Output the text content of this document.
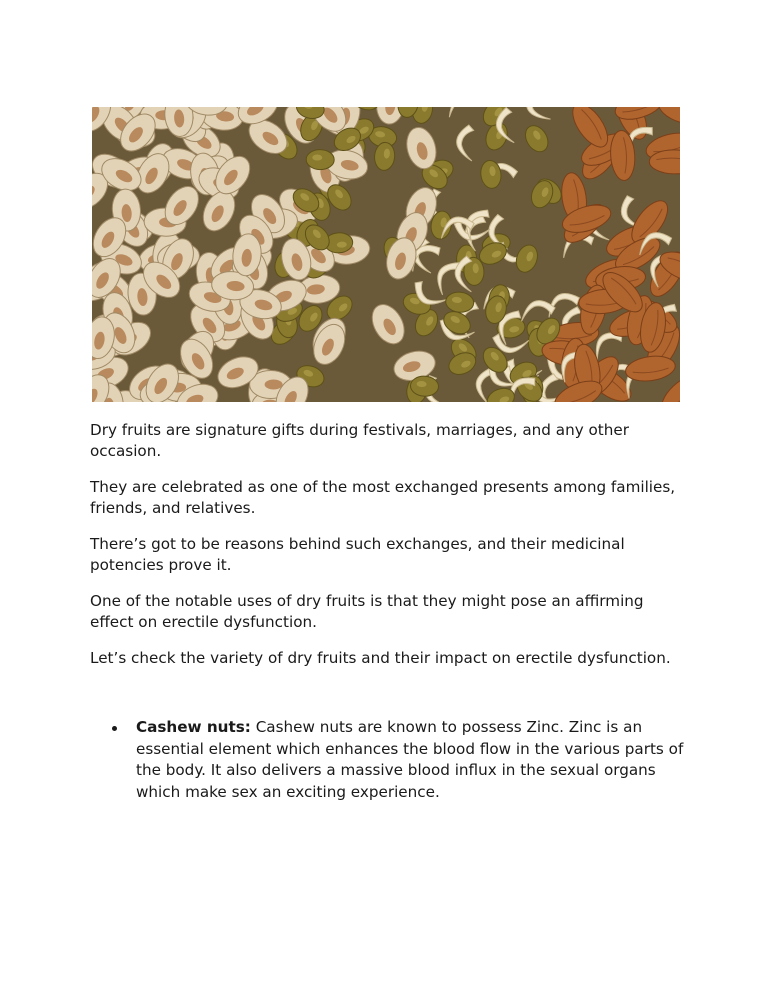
Dry fruits are signature gifts during festivals, marriages, and any other occasion.

They are celebrated as one of the most exchanged presents among families, friends, and relatives.

There’s got to be reasons behind such exchanges, and their medicinal potencies prove it.

One of the notable uses of dry fruits is that they might pose an affirming effect on erectile dysfunction.

Let’s check the variety of dry fruits and their impact on erectile dysfunction.

Cashew nuts: Cashew nuts are known to possess Zinc. Zinc is an essential element which enhances the blood flow in the various parts of the body. It also delivers a massive blood influx in the sexual organs which make sex an exciting experience.
